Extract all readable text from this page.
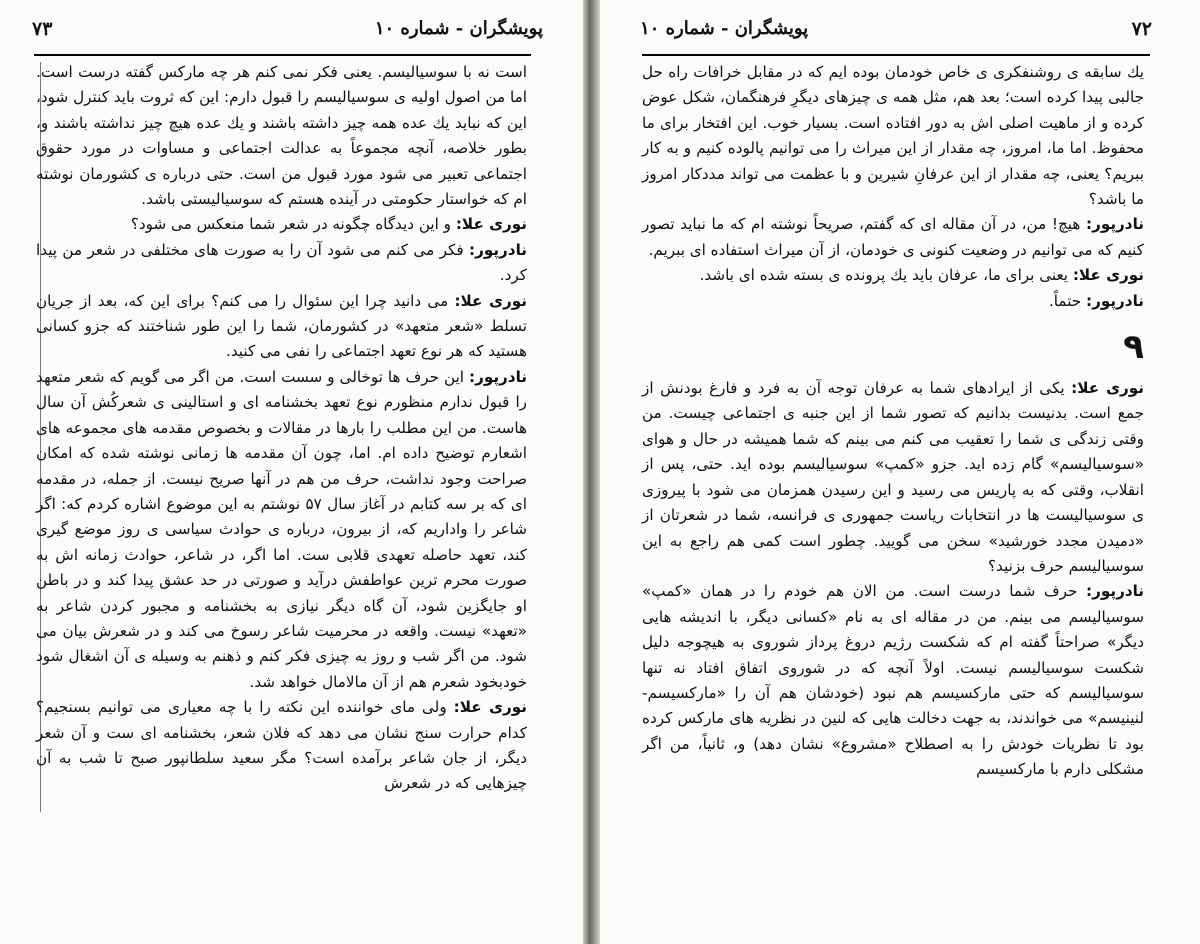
۷۳	پویشگران - شماره ۱۰

است نه با سوسیالیسم. یعنی فکر نمی کنم هر چه مارکس گفته درست است. اما من اصول اولیه ی سوسیالیسم را قبول دارم: این که ثروت باید کنترل شود، این که نباید یك عده همه چیز داشته باشند و یك عده هیچ چیز نداشته باشند و، بطور خلاصه، آنچه مجموعاً به عدالت اجتماعی و مساوات در مورد حقوق اجتماعی تعبیر می شود مورد قبول من است. حتی درباره ی کشورمان نوشته ام که خواستار حکومتی در آینده هستم که سوسیالیستی باشد.

نوری علا: و این دیدگاه چگونه در شعر شما منعکس می شود؟

نادرپور: فکر می کنم می شود آن را به صورت های مختلفی در شعر من پیدا کرد.

نوری علا: می دانید چرا این سئوال را می کنم؟ برای این که، بعد از جریان تسلط «شعر متعهد» در کشورمان، شما را این طور شناختند که جزو کسانی هستید که هر نوع تعهد اجتماعی را نفی می کنید.

نادرپور: این حرف ها توخالی و سست است. من اگر می گویم که شعر متعهد را قبول ندارم منظورم نوع تعهد بخشنامه ای و استالینی ی شعرکُش آن سال هاست. من این مطلب را بارها در مقالات و بخصوص مقدمه های مجموعه های اشعارم توضیح داده ام. اما، چون آن مقدمه ها زمانی نوشته شده که امکان صراحت وجود نداشت، حرف من هم در آنها صریح نیست. از جمله، در مقدمه ای که بر سه کتابم در آغاز سال ۵۷ نوشتم به این موضوع اشاره کردم که: اگر شاعر را واداریم که، از بیرون، درباره ی حوادث سیاسی ی روز موضع گیری کند، تعهد حاصله تعهدی قلابی ست. اما اگر، در شاعر، حوادث زمانه اش به صورت محرم ترین عواطفش درآید و صورتی در حد عشق پیدا کند و در باطن او جایگزین شود، آن گاه دیگر نیازی به بخشنامه و مجبور کردن شاعر به «تعهد» نیست. واقعه در محرمیت شاعر رسوخ می کند و در شعرش بیان می شود. من اگر شب و روز به چیزی فکر کنم و ذهنم به وسیله ی آن اشغال شود خودبخود شعرم هم از آن مالامال خواهد شد.

نوری علا: ولی مای خواننده این نکته را با چه معیاری می توانیم بسنجیم؟ کدام حرارت سنج نشان می دهد که فلان شعر، بخشنامه ای ست و آن شعر دیگر، از جان شاعر برآمده است؟ مگر سعید سلطانپور صبح تا شب به آن چیزهایی که در شعرش

۷۲
پویشگران - شماره ۱۰

یك سابقه ی روشنفکری ی خاص خودمان بوده ایم که در مقابل خرافات راه حل جالبی پیدا کرده است؛ بعد هم، مثل همه ی چیزهای دیگرِ فرهنگمان، شکل عوض کرده و از ماهیت اصلی اش به دور افتاده است. بسیار خوب. این افتخار برای ما محفوظ. اما ما، امروز، چه مقدار از این میراث را می توانیم پالوده کنیم و به کار ببریم؟ یعنی، چه مقدار از این عرفانِ شیرین و با عظمت می تواند مددکار امروز ما باشد؟

نادرپور: هیچ! من، در آن مقاله ای که گفتم، صریحاً نوشته ام که ما نباید تصور کنیم که می توانیم در وضعیت کنونی ی خودمان، از آن میراث استفاده ای ببریم.

نوری علا: یعنی برای ما، عرفان باید یك پرونده ی بسته شده ای باشد.

نادرپور: حتماً.

۹

نوری علا: یکی از ایرادهای شما به عرفان توجه آن به فرد و فارغ بودنش از جمع است. بدنیست بدانیم که تصور شما از این جنبه ی اجتماعی چیست. من وقتی زندگی ی شما را تعقیب می کنم می بینم که شما همیشه در حال و هوای «سوسیالیسم» گام زده اید. جزو «کمپ» سوسیالیسم بوده اید. حتی، پس از انقلاب، وقتی که به پاریس می رسید و این رسیدن همزمان می شود با پیروزی ی سوسیالیست ها در انتخابات ریاست جمهوری ی فرانسه، شما در شعرتان از «دمیدن مجدد خورشید» سخن می گویید. چطور است کمی هم راجع به این سوسیالیسم حرف بزنید؟

نادرپور: حرف شما درست است. من الان هم خودم را در همان «کمپ» سوسیالیسم می بینم. من در مقاله ای به نام «کسانی دیگر، با اندیشه هایی دیگر» صراحتاً گفته ام که شکست رژیم دروغ پرداز شوروی به هیچوجه دلیل شکست سوسیالیسم نیست. اولاً آنچه که در شوروی اتفاق افتاد نه تنها سوسیالیسم که حتی مارکسیسم هم نبود (خودشان هم آن را «مارکسیسم- لنینیسم» می خواندند، به جهت دخالت هایی که لنین در نظریه های مارکس کرده بود تا نظریات خودش را به اصطلاح «مشروع» نشان دهد) و، ثانیاً، من اگر مشکلی دارم با مارکسیسم
